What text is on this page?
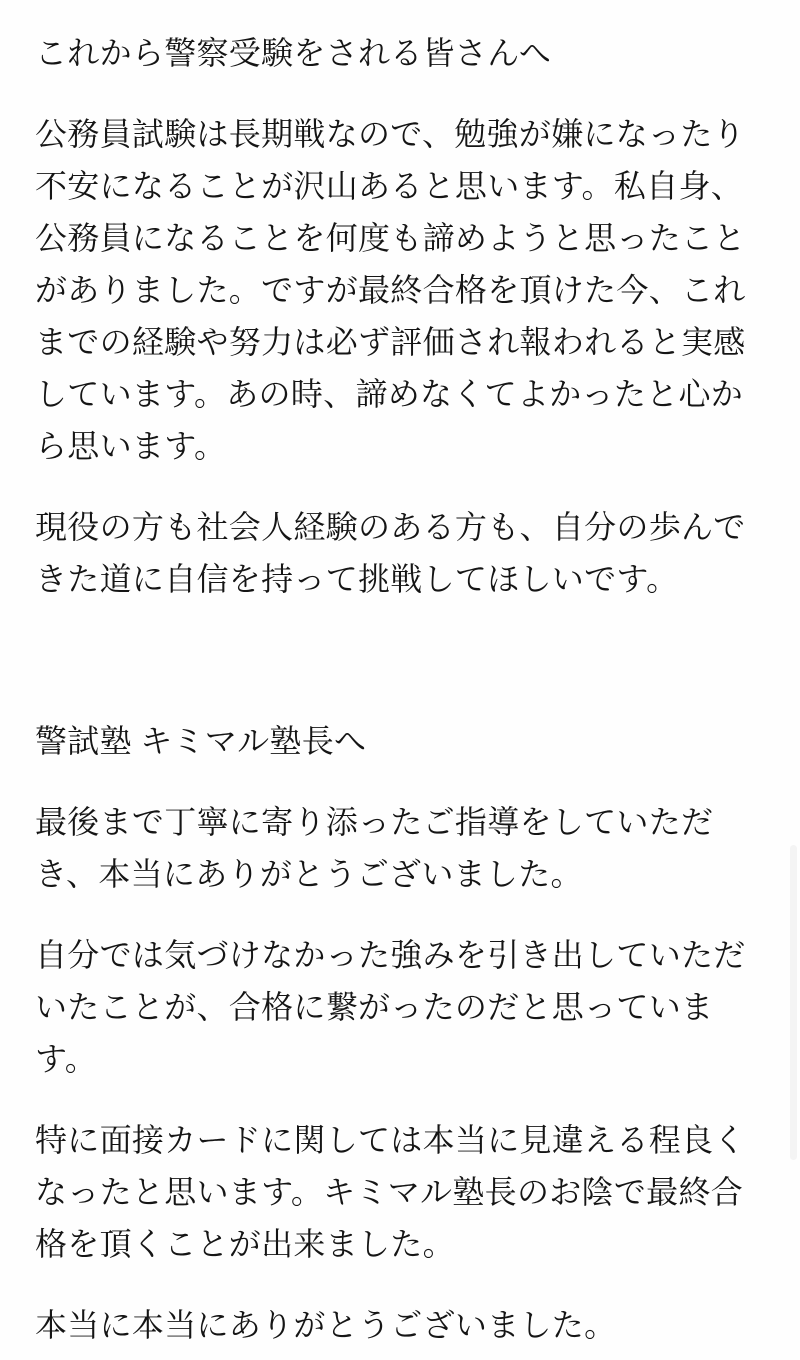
これから警察受験をされる皆さんへ

公務員試験は長期戦なので、勉強が嫌になったり
不安になることが沢山あると思います。私自身、
公務員になることを何度も諦めようと思ったこと
がありました。ですが最終合格を頂けた今、これ
までの経験や努力は必ず評価され報われると実感
しています。あの時、諦めなくてよかったと心か
ら思います。

現役の方も社会人経験のある方も、自分の歩んで
きた道に自信を持って挑戦してほしいです。

警試塾 キミマル塾長へ

最後まで丁寧に寄り添ったご指導をしていただ
き、本当にありがとうございました。

自分では気づけなかった強みを引き出していただ
いたことが、合格に繋がったのだと思っていま
す。

特に面接カードに関しては本当に見違える程良く
なったと思います。キミマル塾長のお陰で最終合
格を頂くことが出来ました。

本当に本当にありがとうございました。
